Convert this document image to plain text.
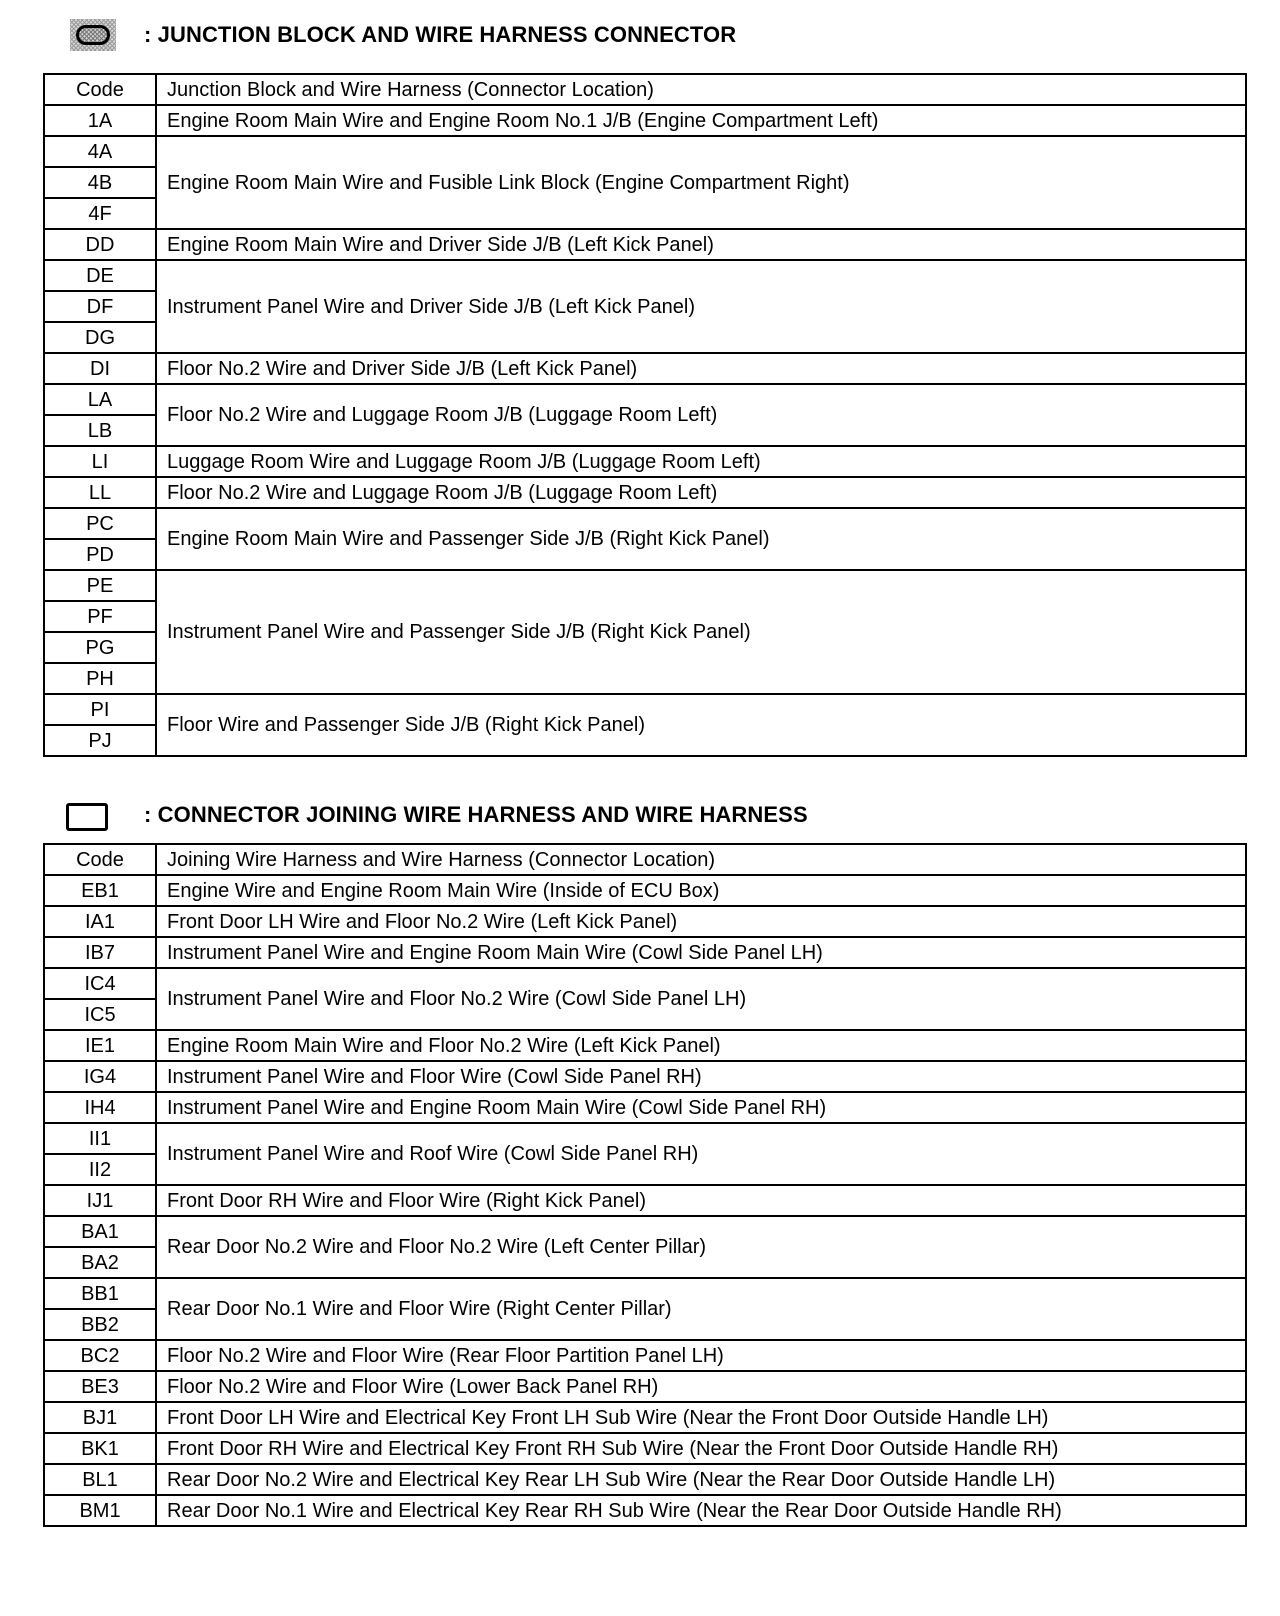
: JUNCTION BLOCK AND WIRE HARNESS CONNECTOR
Code	Junction Block and Wire Harness (Connector Location)
1A	Engine Room Main Wire and Engine Room No.1 J/B (Engine Compartment Left)
4A	Engine Room Main Wire and Fusible Link Block (Engine Compartment Right)
4B	
4F	
DD	Engine Room Main Wire and Driver Side J/B (Left Kick Panel)
DE	Instrument Panel Wire and Driver Side J/B (Left Kick Panel)
DF	
DG	
DI	Floor No.2 Wire and Driver Side J/B (Left Kick Panel)
LA	Floor No.2 Wire and Luggage Room J/B (Luggage Room Left)
LB	
LI	Luggage Room Wire and Luggage Room J/B (Luggage Room Left)
LL	Floor No.2 Wire and Luggage Room J/B (Luggage Room Left)
PC	Engine Room Main Wire and Passenger Side J/B (Right Kick Panel)
PD	
PE	Instrument Panel Wire and Passenger Side J/B (Right Kick Panel)
PF	
PG	
PH	
PI	Floor Wire and Passenger Side J/B (Right Kick Panel)
PJ	
: CONNECTOR JOINING WIRE HARNESS AND WIRE HARNESS
Code	Joining Wire Harness and Wire Harness (Connector Location)
EB1	Engine Wire and Engine Room Main Wire (Inside of ECU Box)
IA1	Front Door LH Wire and Floor No.2 Wire (Left Kick Panel)
IB7	Instrument Panel Wire and Engine Room Main Wire (Cowl Side Panel LH)
IC4	Instrument Panel Wire and Floor No.2 Wire (Cowl Side Panel LH)
IC5	
IE1	Engine Room Main Wire and Floor No.2 Wire (Left Kick Panel)
IG4	Instrument Panel Wire and Floor Wire (Cowl Side Panel RH)
IH4	Instrument Panel Wire and Engine Room Main Wire (Cowl Side Panel RH)
II1	Instrument Panel Wire and Roof Wire (Cowl Side Panel RH)
II2	
IJ1	Front Door RH Wire and Floor Wire (Right Kick Panel)
BA1	Rear Door No.2 Wire and Floor No.2 Wire (Left Center Pillar)
BA2	
BB1	Rear Door No.1 Wire and Floor Wire (Right Center Pillar)
BB2	
BC2	Floor No.2 Wire and Floor Wire (Rear Floor Partition Panel LH)
BE3	Floor No.2 Wire and Floor Wire (Lower Back Panel RH)
BJ1	Front Door LH Wire and Electrical Key Front LH Sub Wire (Near the Front Door Outside Handle LH)
BK1	Front Door RH Wire and Electrical Key Front RH Sub Wire (Near the Front Door Outside Handle RH)
BL1	Rear Door No.2 Wire and Electrical Key Rear LH Sub Wire (Near the Rear Door Outside Handle LH)
BM1	Rear Door No.1 Wire and Electrical Key Rear RH Sub Wire (Near the Rear Door Outside Handle RH)
